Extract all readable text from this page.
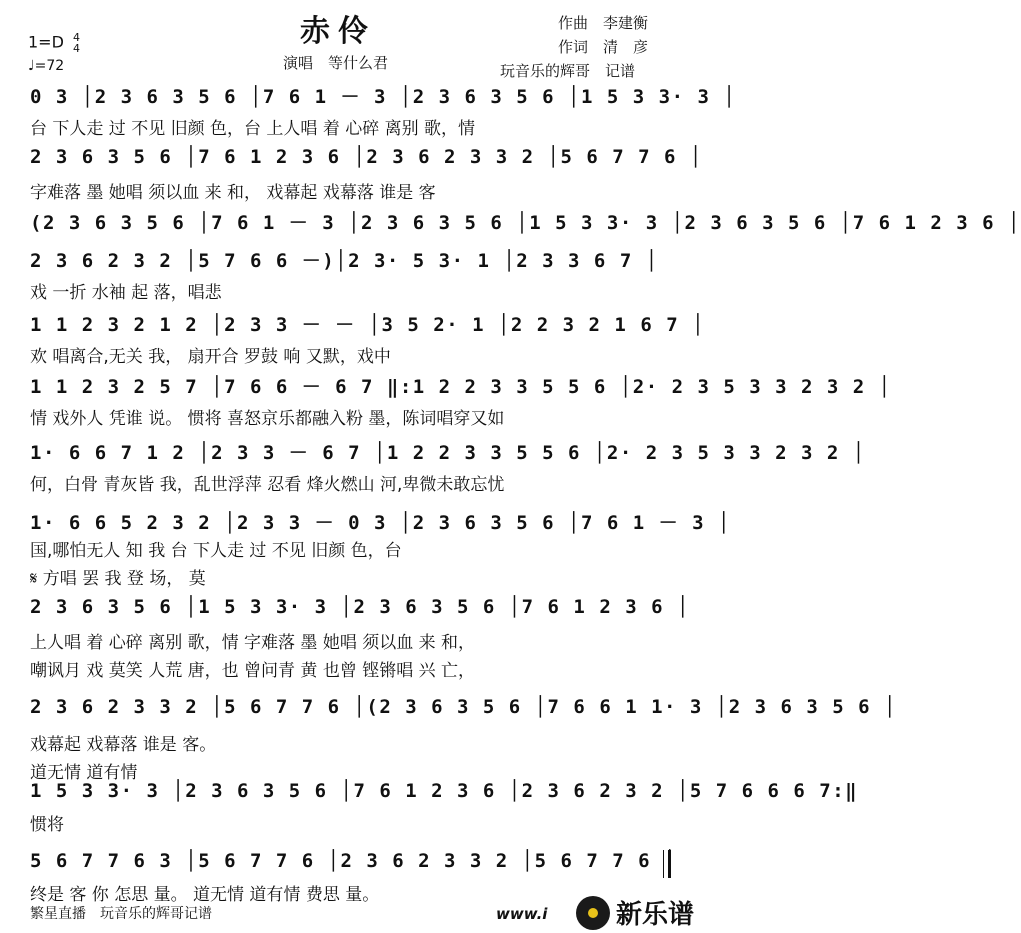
赤伶
1=D 4
4
♩=72	演唱　等什么君
作曲　李建衡
作词　清　彦
玩音乐的辉哥　记谱
0 3 │2 3 6 3 5 6 │7 6 1 － 3 │2 3 6 3 5 6 │1 5 3 3· 3 │
台 下人走 过 不见 旧颜 色，台 上人唱 着 心碎 离别 歌，情
2 3 6 3 5 6 │7 6 1 2 3 6 │2 3 6 2 3 3 2 │5 6 7 7 6 │
字难落 墨 她唱 须以血 来 和， 戏幕起 戏幕落 谁是 客
(2 3 6 3 5 6 │7 6 1 － 3 │2 3 6 3 5 6 │1 5 3 3· 3 │2 3 6 3 5 6 │7 6 1 2 3 6 │
2 3 6 2 3 2 │5 7 6 6 －)│2 3· 5 3· 1 │2 3 3 6 7 │
戏 一折 水袖 起 落，唱悲
1 1 2 3 2 1 2 │2 3 3 － － │3 5 2· 1 │2 2 3 2 1 6 7 │
欢 唱离合,无关 我， 扇开合 罗鼓 响 又默，戏中
1 1 2 3 2 5 7 │7 6 6 － 6 7 ‖:1 2 2 3 3 5 5 6 │2· 2 3 5 3 3 2 3 2 │
情 戏外人 凭谁 说。 惯将 喜怒京乐都融入粉 墨，陈词唱穿又如
1· 6 6 7 1 2 │2 3 3 － 6 7 │1 2 2 3 3 5 5 6 │2· 2 3 5 3 3 2 3 2 │
何，白骨 青灰皆 我，乱世浮萍 忍看 烽火燃山 河,卑微未敢忘忧
1· 6 6 5 2 3 2 │2 3 3 － 0 3 │2 3 6 3 5 6 │7 6 1 － 3 │
国,哪怕无人 知 我 台 下人走 过 不见 旧颜 色，台
𝄋 方唱 罢 我 登 场， 莫
2 3 6 3 5 6 │1 5 3 3· 3 │2 3 6 3 5 6 │7 6 1 2 3 6 │
上人唱 着 心碎 离别 歌，情 字难落 墨 她唱 须以血 来 和，
嘲讽月 戏 莫笑 人荒 唐，也 曾问青 黄 也曾 铿锵唱 兴 亡，
2 3 6 2 3 3 2 │5 6 7 7 6 │(2 3 6 3 5 6 │7 6 6 1 1· 3 │2 3 6 3 5 6 │
戏幕起 戏幕落 谁是 客。
道无情 道有情
1 5 3 3· 3 │2 3 6 3 5 6 │7 6 1 2 3 6 │2 3 6 2 3 2 │5 7 6 6 6 7:‖
惯将
5 6 7 7 6 3 │5 6 7 7 6 │2 3 6 2 3 3 2 │5 6 7 7 6 │
终是 客 你 怎思 量。 道无情 道有情 费思 量。
繁星直播　玩音乐的辉哥记谱	www.i	新乐谱
